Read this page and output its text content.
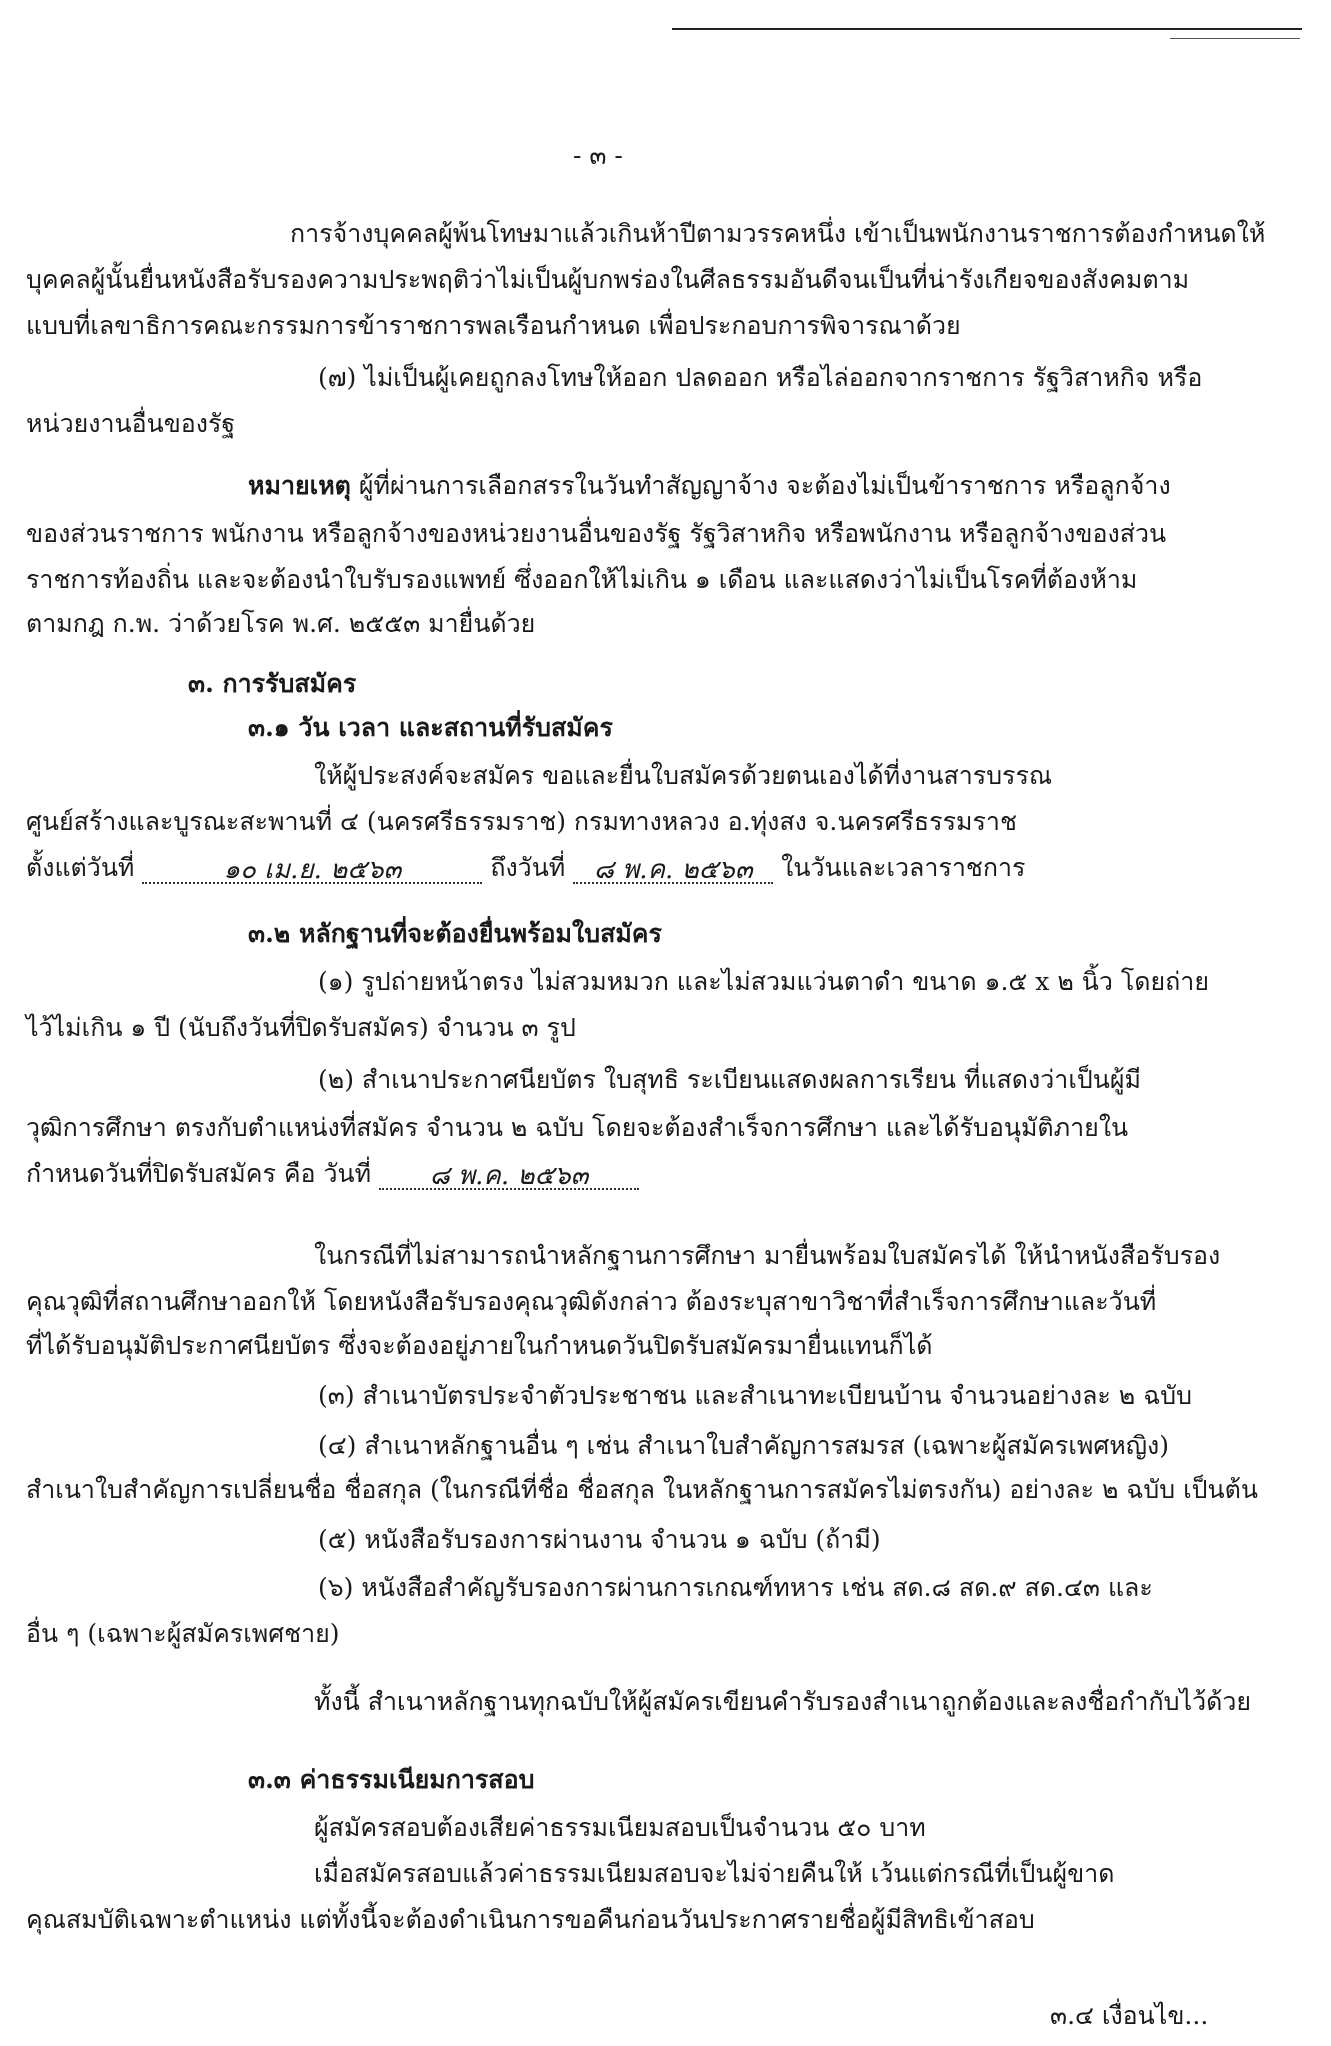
- ๓ -
การจ้างบุคคลผู้พ้นโทษมาแล้วเกินห้าปีตามวรรคหนึ่ง เข้าเป็นพนักงานราชการต้องกำหนดให้
บุคคลผู้นั้นยื่นหนังสือรับรองความประพฤติว่าไม่เป็นผู้บกพร่องในศีลธรรมอันดีจนเป็นที่น่ารังเกียจของสังคมตาม
แบบที่เลขาธิการคณะกรรมการข้าราชการพลเรือนกำหนด เพื่อประกอบการพิจารณาด้วย
(๗) ไม่เป็นผู้เคยถูกลงโทษให้ออก ปลดออก หรือไล่ออกจากราชการ รัฐวิสาหกิจ หรือ
หน่วยงานอื่นของรัฐ
หมายเหตุ ผู้ที่ผ่านการเลือกสรรในวันทำสัญญาจ้าง จะต้องไม่เป็นข้าราชการ หรือลูกจ้าง
ของส่วนราชการ พนักงาน หรือลูกจ้างของหน่วยงานอื่นของรัฐ รัฐวิสาหกิจ หรือพนักงาน หรือลูกจ้างของส่วน
ราชการท้องถิ่น และจะต้องนำใบรับรองแพทย์ ซึ่งออกให้ไม่เกิน ๑ เดือน และแสดงว่าไม่เป็นโรคที่ต้องห้าม
ตามกฎ ก.พ. ว่าด้วยโรค พ.ศ. ๒๕๕๓ มายื่นด้วย
๓. การรับสมัคร
๓.๑ วัน เวลา และสถานที่รับสมัคร
ให้ผู้ประสงค์จะสมัคร ขอและยื่นใบสมัครด้วยตนเองได้ที่งานสารบรรณ
ศูนย์สร้างและบูรณะสะพานที่ ๔ (นครศรีธรรมราช) กรมทางหลวง อ.ทุ่งสง จ.นครศรีธรรมราช
ตั้งแต่วันที่	๑๐ เม.ย. ๒๕๖๓	ถึงวันที่ ๘ พ.ค. ๒๕๖๓ ในวันและเวลาราชการ
๓.๒ หลักฐานที่จะต้องยื่นพร้อมใบสมัคร
(๑) รูปถ่ายหน้าตรง ไม่สวมหมวก และไม่สวมแว่นตาดำ ขนาด ๑.๕ x ๒ นิ้ว โดยถ่าย
ไว้ไม่เกิน ๑ ปี (นับถึงวันที่ปิดรับสมัคร) จำนวน ๓ รูป
(๒) สำเนาประกาศนียบัตร ใบสุทธิ ระเบียนแสดงผลการเรียน ที่แสดงว่าเป็นผู้มี
วุฒิการศึกษา ตรงกับตำแหน่งที่สมัคร จำนวน ๒ ฉบับ โดยจะต้องสำเร็จการศึกษา และได้รับอนุมัติภายใน
กำหนดวันที่ปิดรับสมัคร คือ วันที่ ๘ พ.ค. ๒๕๖๓
ในกรณีที่ไม่สามารถนำหลักฐานการศึกษา มายื่นพร้อมใบสมัครได้ ให้นำหนังสือรับรอง
คุณวุฒิที่สถานศึกษาออกให้ โดยหนังสือรับรองคุณวุฒิดังกล่าว ต้องระบุสาขาวิชาที่สำเร็จการศึกษาและวันที่
ที่ได้รับอนุมัติประกาศนียบัตร ซึ่งจะต้องอยู่ภายในกำหนดวันปิดรับสมัครมายื่นแทนก็ได้
(๓) สำเนาบัตรประจำตัวประชาชน และสำเนาทะเบียนบ้าน จำนวนอย่างละ ๒ ฉบับ
(๔) สำเนาหลักฐานอื่น ๆ เช่น สำเนาใบสำคัญการสมรส (เฉพาะผู้สมัครเพศหญิง)
สำเนาใบสำคัญการเปลี่ยนชื่อ ชื่อสกุล (ในกรณีที่ชื่อ ชื่อสกุล ในหลักฐานการสมัครไม่ตรงกัน) อย่างละ ๒ ฉบับ เป็นต้น
(๕) หนังสือรับรองการผ่านงาน จำนวน ๑ ฉบับ (ถ้ามี)
(๖) หนังสือสำคัญรับรองการผ่านการเกณฑ์ทหาร เช่น สด.๘ สด.๙ สด.๔๓ และ
อื่น ๆ (เฉพาะผู้สมัครเพศชาย)
ทั้งนี้ สำเนาหลักฐานทุกฉบับให้ผู้สมัครเขียนคำรับรองสำเนาถูกต้องและลงชื่อกำกับไว้ด้วย
๓.๓ ค่าธรรมเนียมการสอบ
ผู้สมัครสอบต้องเสียค่าธรรมเนียมสอบเป็นจำนวน ๕๐ บาท
เมื่อสมัครสอบแล้วค่าธรรมเนียมสอบจะไม่จ่ายคืนให้ เว้นแต่กรณีที่เป็นผู้ขาด
คุณสมบัติเฉพาะตำแหน่ง แต่ทั้งนี้จะต้องดำเนินการขอคืนก่อนวันประกาศรายชื่อผู้มีสิทธิเข้าสอบ
๓.๔ เงื่อนไข...
